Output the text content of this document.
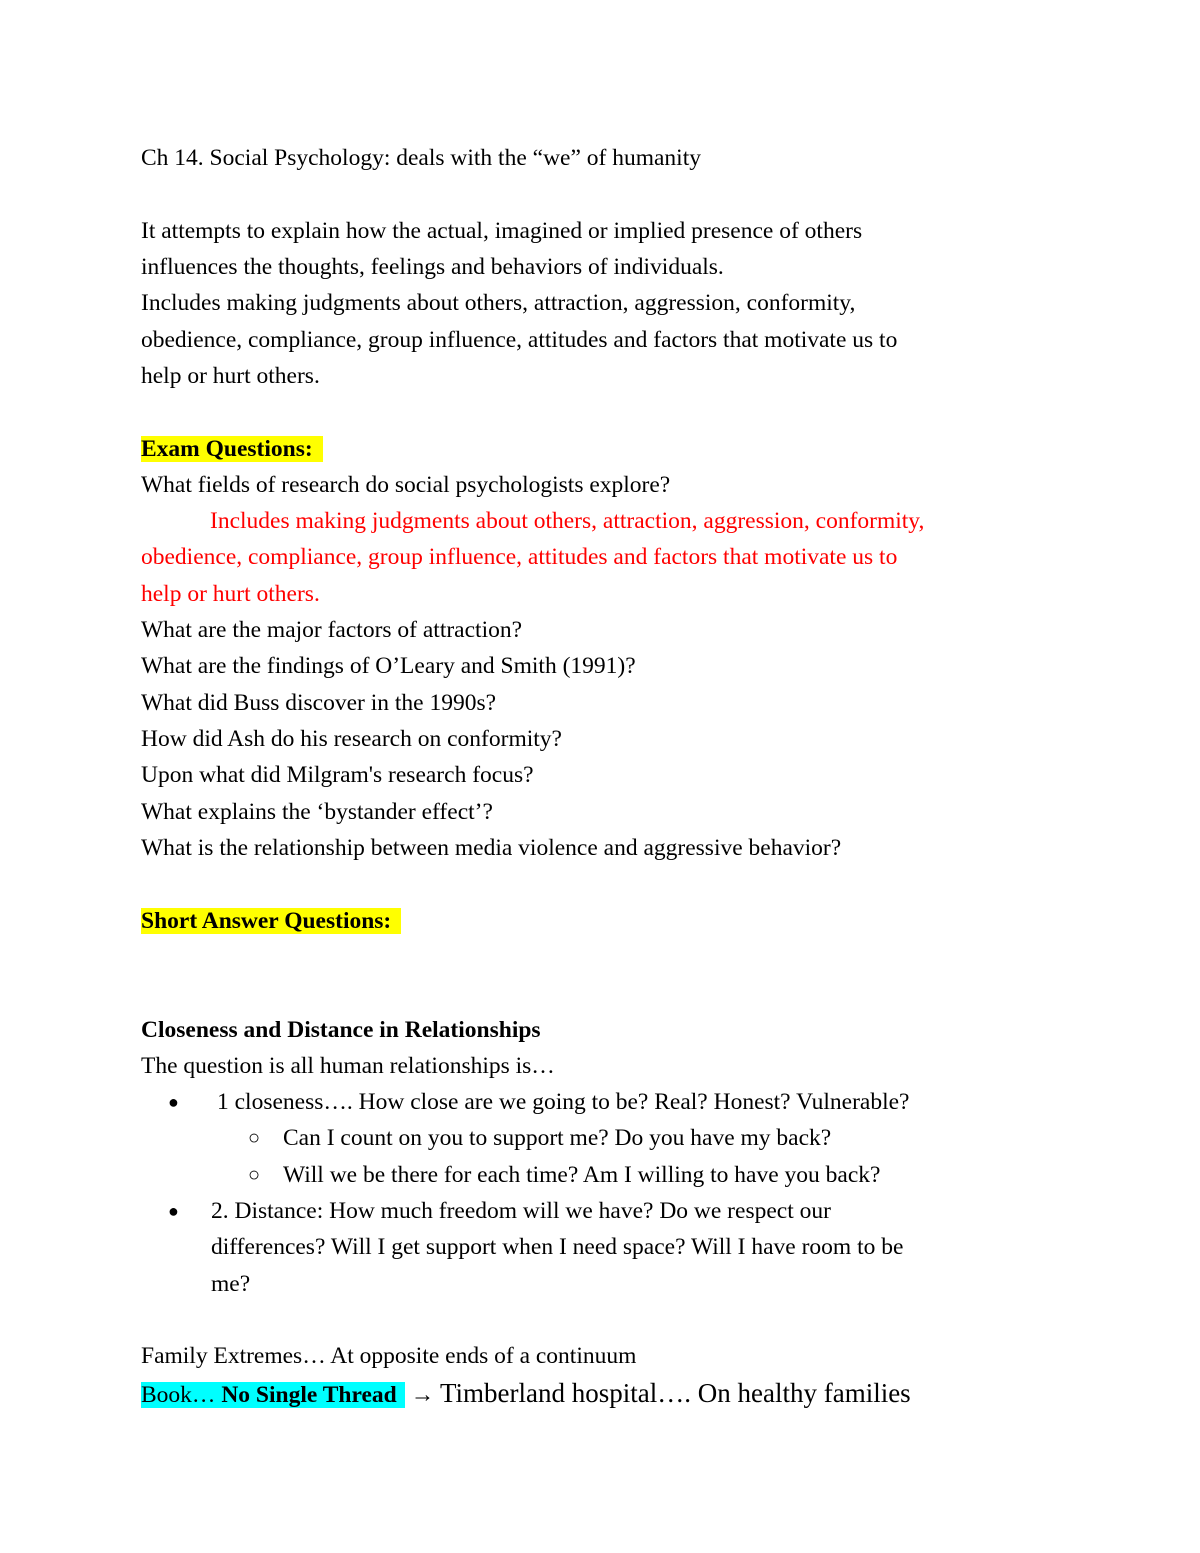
Ch 14. Social Psychology: deals with the “we” of humanity
It attempts to explain how the actual, imagined or implied presence of others
influences the thoughts, feelings and behaviors of individuals.
Includes making judgments about others, attraction, aggression, conformity,
obedience, compliance, group influence, attitudes and factors that motivate us to
help or hurt others.
Exam Questions:
What fields of research do social psychologists explore?
Includes making judgments about others, attraction, aggression, conformity,
obedience, compliance, group influence, attitudes and factors that motivate us to
help or hurt others.
What are the major factors of attraction?
What are the findings of O’Leary and Smith (1991)?
What did Buss discover in the 1990s?
How did Ash do his research on conformity?
Upon what did Milgram's research focus?
What explains the ‘bystander effect’?
What is the relationship between media violence and aggressive behavior?
Short Answer Questions:
Closeness and Distance in Relationships
The question is all human relationships is…
● 1 closeness…. How close are we going to be? Real? Honest? Vulnerable?
○ Can I count on you to support me? Do you have my back?
○ Will we be there for each time? Am I willing to have you back?
● 2. Distance: How much freedom will we have? Do we respect our
differences? Will I get support when I need space? Will I have room to be
me?
Family Extremes… At opposite ends of a continuum
Book… No Single Thread → Timberland hospital…. On healthy families
